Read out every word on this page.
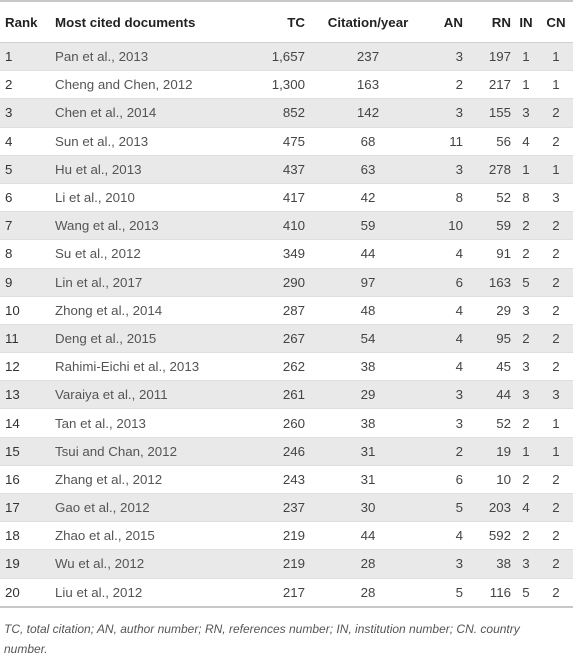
Rank	Most cited documents	TC	Citation/year	AN	RN	IN	CN
1	Pan et al., 2013	1,657	237	3	197	1	1
2	Cheng and Chen, 2012	1,300	163	2	217	1	1
3	Chen et al., 2014	852	142	3	155	3	2
4	Sun et al., 2013	475	68	11	56	4	2
5	Hu et al., 2013	437	63	3	278	1	1
6	Li et al., 2010	417	42	8	52	8	3
7	Wang et al., 2013	410	59	10	59	2	2
8	Su et al., 2012	349	44	4	91	2	2
9	Lin et al., 2017	290	97	6	163	5	2
10	Zhong et al., 2014	287	48	4	29	3	2
11	Deng et al., 2015	267	54	4	95	2	2
12	Rahimi-Eichi et al., 2013	262	38	4	45	3	2
13	Varaiya et al., 2011	261	29	3	44	3	3
14	Tan et al., 2013	260	38	3	52	2	1
15	Tsui and Chan, 2012	246	31	2	19	1	1
16	Zhang et al., 2012	243	31	6	10	2	2
17	Gao et al., 2012	237	30	5	203	4	2
18	Zhao et al., 2015	219	44	4	592	2	2
19	Wu et al., 2012	219	28	3	38	3	2
20	Liu et al., 2012	217	28	5	116	5	2

TC, total citation; AN, author number; RN, references number; IN, institution number; CN. country number.
